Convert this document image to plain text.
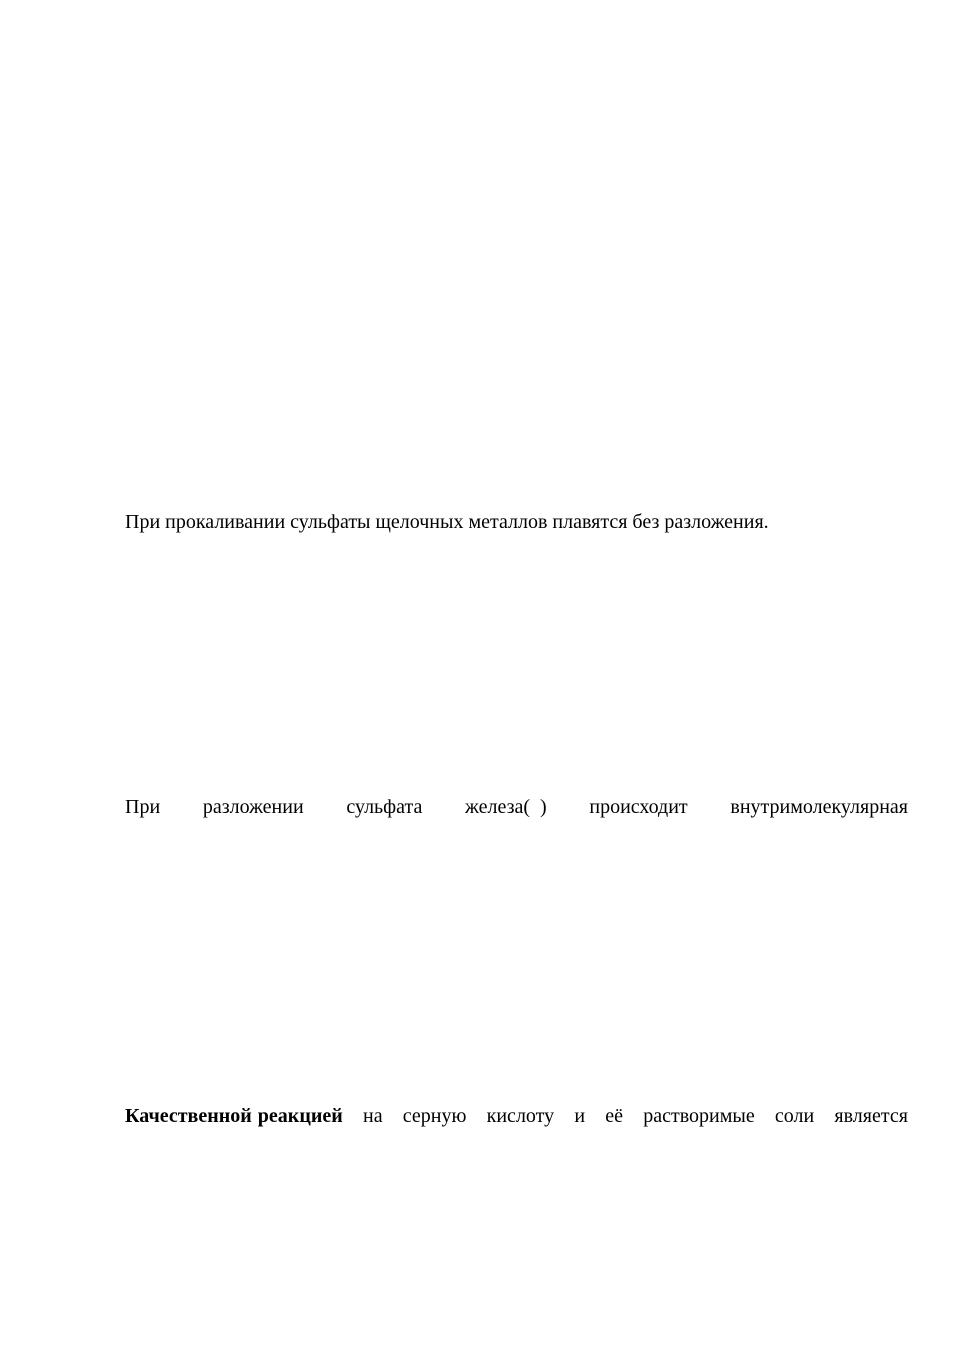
При прокаливании сульфаты щелочных металлов плавятся без разложения.
При разложении сульфата железа(  ) происходит внутримолекулярная
Качественной реакцией на серную кислоту и её растворимые соли является
